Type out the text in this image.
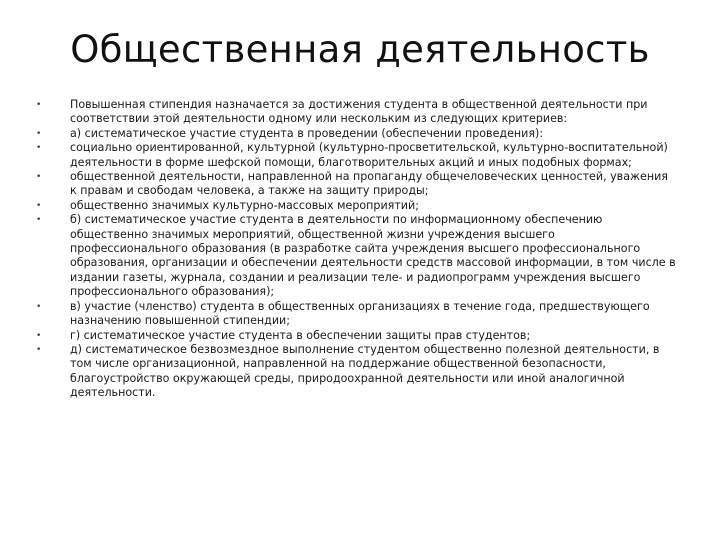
Общественная деятельность
•	Повышенная стипендия назначается за достижения студента в общественной деятельности при соответствии этой деятельности одному или нескольким из следующих критериев:
•	а) систематическое участие студента в проведении (обеспечении проведения):
•	социально ориентированной, культурной (культурно-просветительской, культурно-воспитательной) деятельности в форме шефской помощи, благотворительных акций и иных подобных формах;
•	общественной деятельности, направленной на пропаганду общечеловеческих ценностей, уважения к правам и свободам человека, а также на защиту природы;
•	общественно значимых культурно-массовых мероприятий;
•	б) систематическое участие студента в деятельности по информационному обеспечению общественно значимых мероприятий, общественной жизни учреждения высшего профессионального образования (в разработке сайта учреждения высшего профессионального образования, организации и обеспечении деятельности средств массовой информации, в том числе в издании газеты, журнала, создании и реализации теле- и радиопрограмм учреждения высшего профессионального образования);
•	в) участие (членство) студента в общественных организациях в течение года, предшествующего назначению повышенной стипендии;
•	г) систематическое участие студента в обеспечении защиты прав студентов;
•	д) систематическое безвозмездное выполнение студентом общественно полезной деятельности, в том числе организационной, направленной на поддержание общественной безопасности, благоустройство окружающей среды, природоохранной деятельности или иной аналогичной деятельности.
